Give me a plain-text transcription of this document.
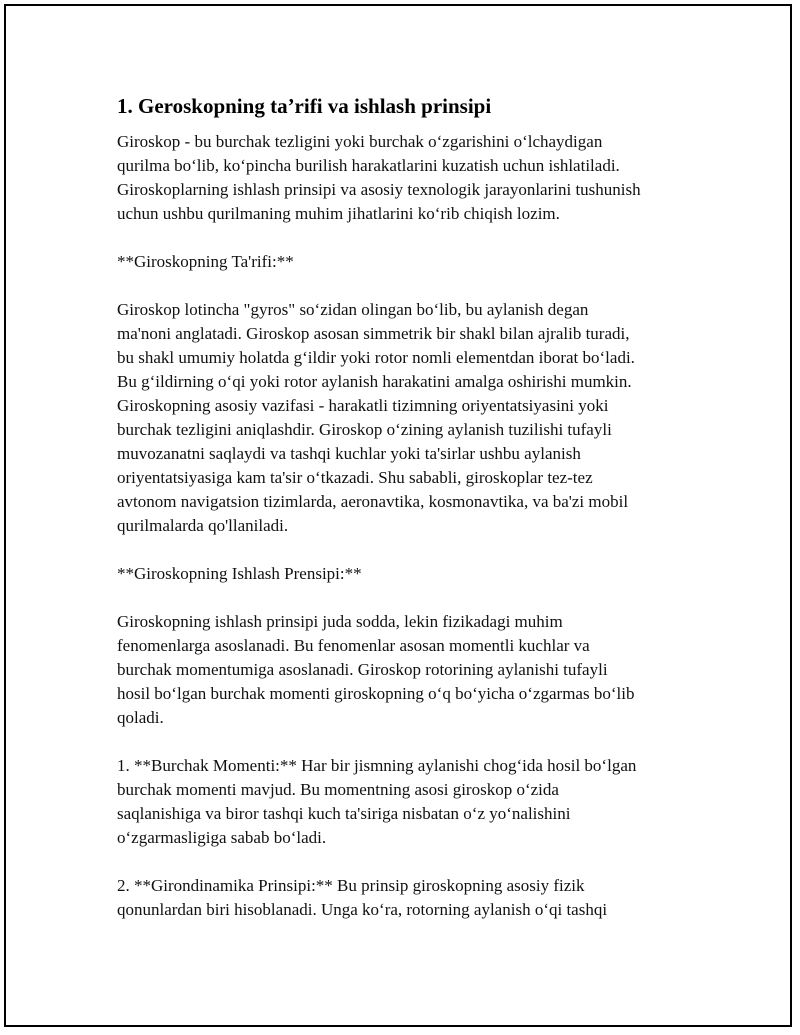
1. Geroskopning ta’rifi va ishlash prinsipi

Giroskop - bu burchak tezligini yoki burchak o‘zgarishini o‘lchaydigan
qurilma bo‘lib, ko‘pincha burilish harakatlarini kuzatish uchun ishlatiladi.
Giroskoplarning ishlash prinsipi va asosiy texnologik jarayonlarini tushunish
uchun ushbu qurilmaning muhim jihatlarini ko‘rib chiqish lozim.

**Giroskopning Ta'rifi:**

Giroskop lotincha "gyros" so‘zidan olingan bo‘lib, bu aylanish degan
ma'noni anglatadi. Giroskop asosan simmetrik bir shakl bilan ajralib turadi,
bu shakl umumiy holatda g‘ildir yoki rotor nomli elementdan iborat bo‘ladi.
Bu g‘ildirning o‘qi yoki rotor aylanish harakatini amalga oshirishi mumkin.
Giroskopning asosiy vazifasi - harakatli tizimning oriyentatsiyasini yoki
burchak tezligini aniqlashdir. Giroskop o‘zining aylanish tuzilishi tufayli
muvozanatni saqlaydi va tashqi kuchlar yoki ta'sirlar ushbu aylanish
oriyentatsiyasiga kam ta'sir o‘tkazadi. Shu sababli, giroskoplar tez-tez
avtonom navigatsion tizimlarda, aeronavtika, kosmonavtika, va ba'zi mobil
qurilmalarda qo'llaniladi.

**Giroskopning Ishlash Prensipi:**

Giroskopning ishlash prinsipi juda sodda, lekin fizikadagi muhim
fenomenlarga asoslanadi. Bu fenomenlar asosan momentli kuchlar va
burchak momentumiga asoslanadi. Giroskop rotorining aylanishi tufayli
hosil bo‘lgan burchak momenti giroskopning o‘q bo‘yicha o‘zgarmas bo‘lib
qoladi.

1. **Burchak Momenti:** Har bir jismning aylanishi chog‘ida hosil bo‘lgan
burchak momenti mavjud. Bu momentning asosi giroskop o‘zida
saqlanishiga va biror tashqi kuch ta'siriga nisbatan o‘z yo‘nalishini
o‘zgarmasligiga sabab bo‘ladi.

2. **Girondinamika Prinsipi:** Bu prinsip giroskopning asosiy fizik
qonunlardan biri hisoblanadi. Unga ko‘ra, rotorning aylanish o‘qi tashqi
